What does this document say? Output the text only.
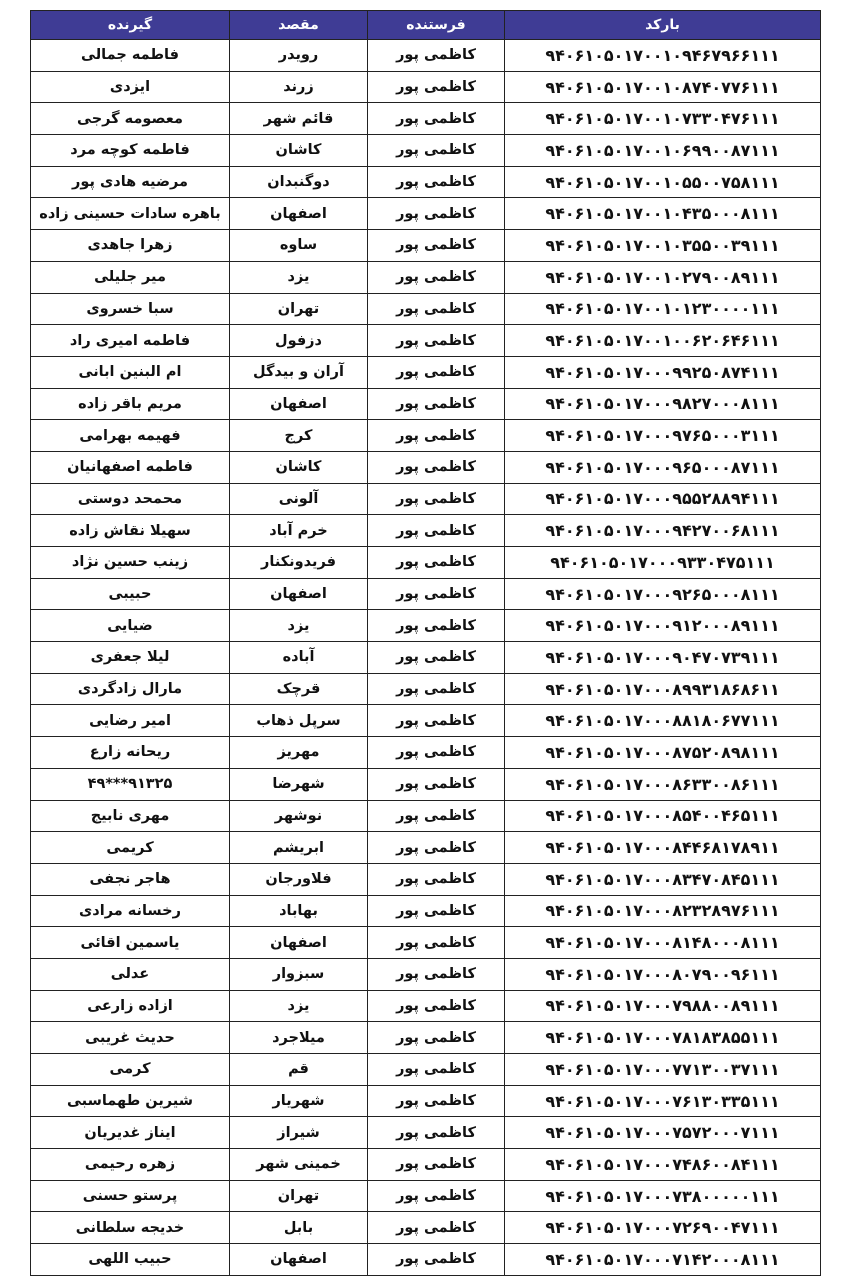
بارکد	فرستنده	مقصد	گیرنده
۹۴۰۶۱۰۵۰۱۷۰۰۱۰۹۴۶۷۹۶۶۱۱۱	کاظمی پور	رویدر	فاطمه جمالی
۹۴۰۶۱۰۵۰۱۷۰۰۱۰۸۷۴۰۷۷۶۱۱۱	کاظمی پور	زرند	ایزدی
۹۴۰۶۱۰۵۰۱۷۰۰۱۰۷۳۳۰۴۷۶۱۱۱	کاظمی پور	قائم شهر	معصومه گرجی
۹۴۰۶۱۰۵۰۱۷۰۰۱۰۶۹۹۰۰۸۷۱۱۱	کاظمی پور	کاشان	فاطمه کوچه مرد
۹۴۰۶۱۰۵۰۱۷۰۰۱۰۵۵۰۰۷۵۸۱۱۱	کاظمی پور	دوگنبدان	مرضیه هادی پور
۹۴۰۶۱۰۵۰۱۷۰۰۱۰۴۳۵۰۰۰۸۱۱۱	کاظمی پور	اصفهان	باهره سادات حسینی زاده
۹۴۰۶۱۰۵۰۱۷۰۰۱۰۳۵۵۰۰۳۹۱۱۱	کاظمی پور	ساوه	زهرا جاهدی
۹۴۰۶۱۰۵۰۱۷۰۰۱۰۲۷۹۰۰۸۹۱۱۱	کاظمی پور	یزد	میر جلیلی
۹۴۰۶۱۰۵۰۱۷۰۰۱۰۱۲۳۰۰۰۰۱۱۱	کاظمی پور	تهران	سبا خسروی
۹۴۰۶۱۰۵۰۱۷۰۰۱۰۰۶۲۰۶۴۶۱۱۱	کاظمی پور	دزفول	فاطمه امیری راد
۹۴۰۶۱۰۵۰۱۷۰۰۰۹۹۲۵۰۸۷۴۱۱۱	کاظمی پور	آران و بیدگل	ام البنین ابانی
۹۴۰۶۱۰۵۰۱۷۰۰۰۹۸۲۷۰۰۰۸۱۱۱	کاظمی پور	اصفهان	مریم باقر زاده
۹۴۰۶۱۰۵۰۱۷۰۰۰۹۷۶۵۰۰۰۳۱۱۱	کاظمی پور	کرج	فهیمه بهرامی
۹۴۰۶۱۰۵۰۱۷۰۰۰۹۶۵۰۰۰۸۷۱۱۱	کاظمی پور	کاشان	فاطمه اصفهانیان
۹۴۰۶۱۰۵۰۱۷۰۰۰۹۵۵۲۸۸۹۴۱۱۱	کاظمی پور	آلونی	محمحد دوستی
۹۴۰۶۱۰۵۰۱۷۰۰۰۹۴۲۷۰۰۶۸۱۱۱	کاظمی پور	خرم آباد	سهیلا نقاش زاده
۹۴۰۶۱۰۵۰۱۷۰۰۰۹۳۳۰۴۷۵۱۱۱	کاظمی پور	فریدونکنار	زینب حسین نژاد
۹۴۰۶۱۰۵۰۱۷۰۰۰۹۲۶۵۰۰۰۸۱۱۱	کاظمی پور	اصفهان	حبیبی
۹۴۰۶۱۰۵۰۱۷۰۰۰۹۱۲۰۰۰۸۹۱۱۱	کاظمی پور	یزد	ضیایی
۹۴۰۶۱۰۵۰۱۷۰۰۰۹۰۴۷۰۷۳۹۱۱۱	کاظمی پور	آباده	لیلا جعفری
۹۴۰۶۱۰۵۰۱۷۰۰۰۸۹۹۳۱۸۶۸۶۱۱	کاظمی پور	قرچک	مارال زادگردی
۹۴۰۶۱۰۵۰۱۷۰۰۰۸۸۱۸۰۶۷۷۱۱۱	کاظمی پور	سرپل ذهاب	امیر رضایی
۹۴۰۶۱۰۵۰۱۷۰۰۰۸۷۵۲۰۸۹۸۱۱۱	کاظمی پور	مهریز	ریحانه زارع
۹۴۰۶۱۰۵۰۱۷۰۰۰۸۶۳۳۰۰۸۶۱۱۱	کاظمی پور	شهرضا	۹۱۳۲۵***۴۹
۹۴۰۶۱۰۵۰۱۷۰۰۰۸۵۴۰۰۴۶۵۱۱۱	کاظمی پور	نوشهر	مهری نابیج
۹۴۰۶۱۰۵۰۱۷۰۰۰۸۴۴۶۸۱۷۸۹۱۱	کاظمی پور	ابریشم	کریمی
۹۴۰۶۱۰۵۰۱۷۰۰۰۸۳۴۷۰۸۴۵۱۱۱	کاظمی پور	فلاورجان	هاجر نجفی
۹۴۰۶۱۰۵۰۱۷۰۰۰۸۲۳۲۸۹۷۶۱۱۱	کاظمی پور	بهاباد	رخسانه مرادی
۹۴۰۶۱۰۵۰۱۷۰۰۰۸۱۴۸۰۰۰۸۱۱۱	کاظمی پور	اصفهان	یاسمین اقائی
۹۴۰۶۱۰۵۰۱۷۰۰۰۸۰۷۹۰۰۹۶۱۱۱	کاظمی پور	سبزوار	عدلی
۹۴۰۶۱۰۵۰۱۷۰۰۰۷۹۸۸۰۰۸۹۱۱۱	کاظمی پور	یزد	ازاده زارعی
۹۴۰۶۱۰۵۰۱۷۰۰۰۷۸۱۸۳۸۵۵۱۱۱	کاظمی پور	میلاجرد	حدیث غریبی
۹۴۰۶۱۰۵۰۱۷۰۰۰۷۷۱۳۰۰۳۷۱۱۱	کاظمی پور	قم	کرمی
۹۴۰۶۱۰۵۰۱۷۰۰۰۷۶۱۳۰۳۳۵۱۱۱	کاظمی پور	شهریار	شیرین طهماسبی
۹۴۰۶۱۰۵۰۱۷۰۰۰۷۵۷۲۰۰۰۷۱۱۱	کاظمی پور	شیراز	ایناز غدیریان
۹۴۰۶۱۰۵۰۱۷۰۰۰۷۴۸۶۰۰۸۴۱۱۱	کاظمی پور	خمینی شهر	زهره رحیمی
۹۴۰۶۱۰۵۰۱۷۰۰۰۷۳۸۰۰۰۰۰۱۱۱	کاظمی پور	تهران	پرستو حسنی
۹۴۰۶۱۰۵۰۱۷۰۰۰۷۲۶۹۰۰۴۷۱۱۱	کاظمی پور	بابل	خدیجه سلطانی
۹۴۰۶۱۰۵۰۱۷۰۰۰۷۱۴۲۰۰۰۸۱۱۱	کاظمی پور	اصفهان	حبیب اللهی
